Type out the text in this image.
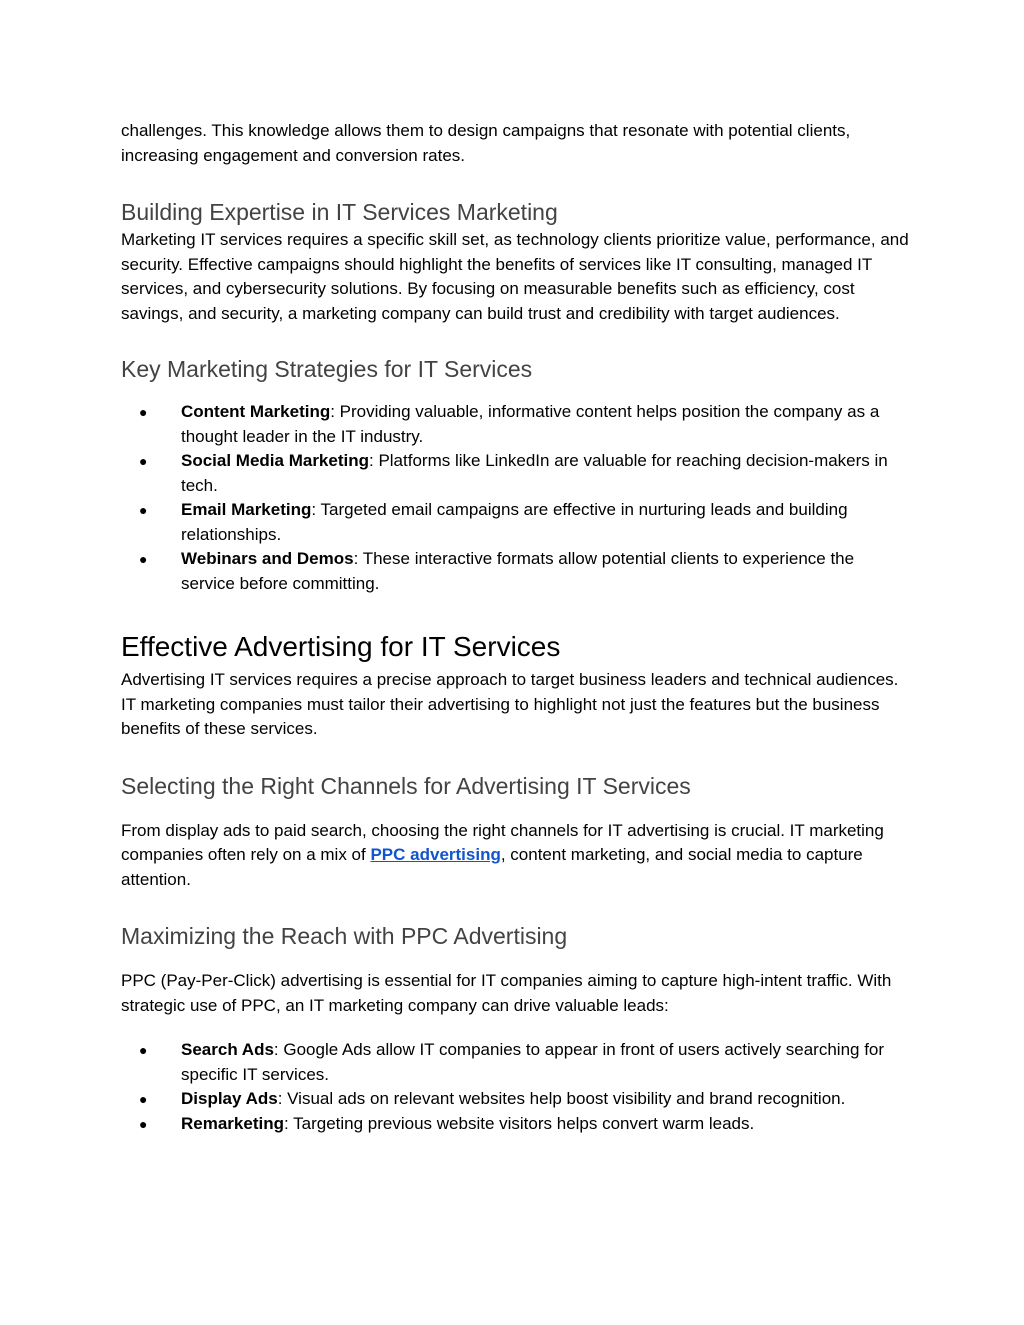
challenges. This knowledge allows them to design campaigns that resonate with potential clients, increasing engagement and conversion rates.

Building Expertise in IT Services Marketing

Marketing IT services requires a specific skill set, as technology clients prioritize value, performance, and security. Effective campaigns should highlight the benefits of services like IT consulting, managed IT services, and cybersecurity solutions. By focusing on measurable benefits such as efficiency, cost savings, and security, a marketing company can build trust and credibility with target audiences.

Key Marketing Strategies for IT Services
● Content Marketing: Providing valuable, informative content helps position the company as a thought leader in the IT industry.
● Social Media Marketing: Platforms like LinkedIn are valuable for reaching decision-makers in tech.
● Email Marketing: Targeted email campaigns are effective in nurturing leads and building relationships.
● Webinars and Demos: These interactive formats allow potential clients to experience the service before committing.
Effective Advertising for IT Services

Advertising IT services requires a precise approach to target business leaders and technical audiences. IT marketing companies must tailor their advertising to highlight not just the features but the business benefits of these services.

Selecting the Right Channels for Advertising IT Services

From display ads to paid search, choosing the right channels for IT advertising is crucial. IT marketing companies often rely on a mix of PPC advertising, content marketing, and social media to capture attention.

Maximizing the Reach with PPC Advertising

PPC (Pay-Per-Click) advertising is essential for IT companies aiming to capture high-intent traffic. With strategic use of PPC, an IT marketing company can drive valuable leads:

● Search Ads: Google Ads allow IT companies to appear in front of users actively searching for specific IT services.
● Display Ads: Visual ads on relevant websites help boost visibility and brand recognition.
● Remarketing: Targeting previous website visitors helps convert warm leads.
